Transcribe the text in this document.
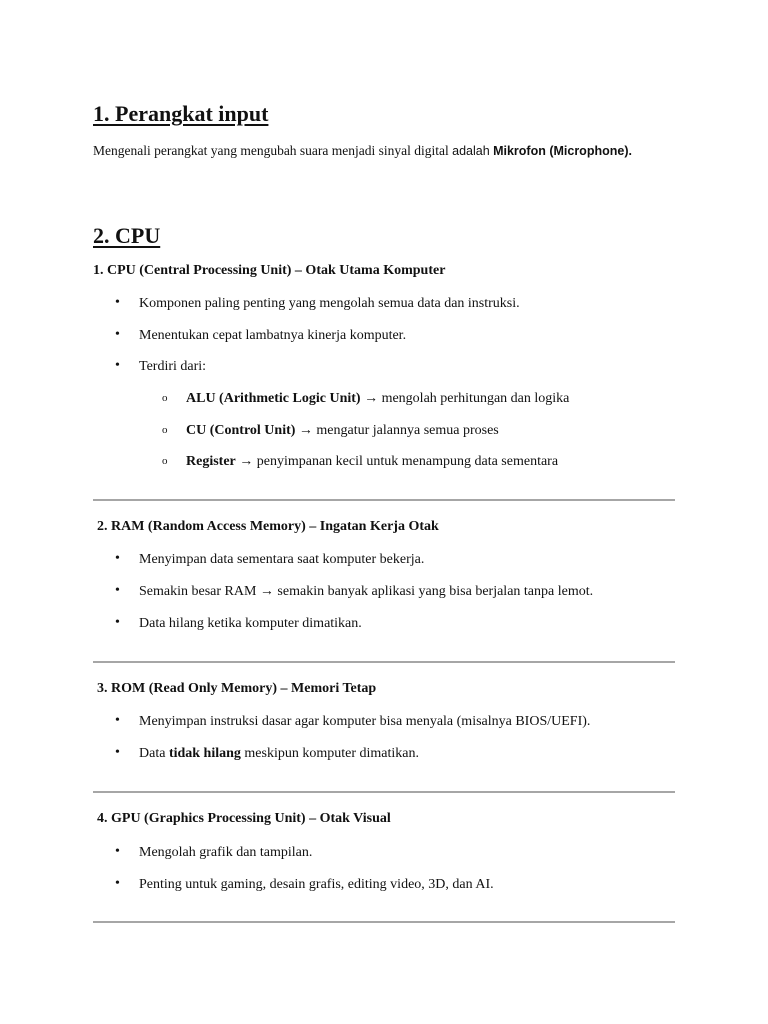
1. Perangkat input
Mengenali perangkat yang mengubah suara menjadi sinyal digital adalah Mikrofon (Microphone).
2. CPU
1. CPU (Central Processing Unit) – Otak Utama Komputer
• Komponen paling penting yang mengolah semua data dan instruksi.
• Menentukan cepat lambatnya kinerja komputer.
• Terdiri dari:
o ALU (Arithmetic Logic Unit) → mengolah perhitungan dan logika
o CU (Control Unit) → mengatur jalannya semua proses
o Register → penyimpanan kecil untuk menampung data sementara
2. RAM (Random Access Memory) – Ingatan Kerja Otak
• Menyimpan data sementara saat komputer bekerja.
• Semakin besar RAM → semakin banyak aplikasi yang bisa berjalan tanpa lemot.
• Data hilang ketika komputer dimatikan.
3. ROM (Read Only Memory) – Memori Tetap
• Menyimpan instruksi dasar agar komputer bisa menyala (misalnya BIOS/UEFI).
• Data tidak hilang meskipun komputer dimatikan.
4. GPU (Graphics Processing Unit) – Otak Visual
• Mengolah grafik dan tampilan.
• Penting untuk gaming, desain grafis, editing video, 3D, dan AI.
